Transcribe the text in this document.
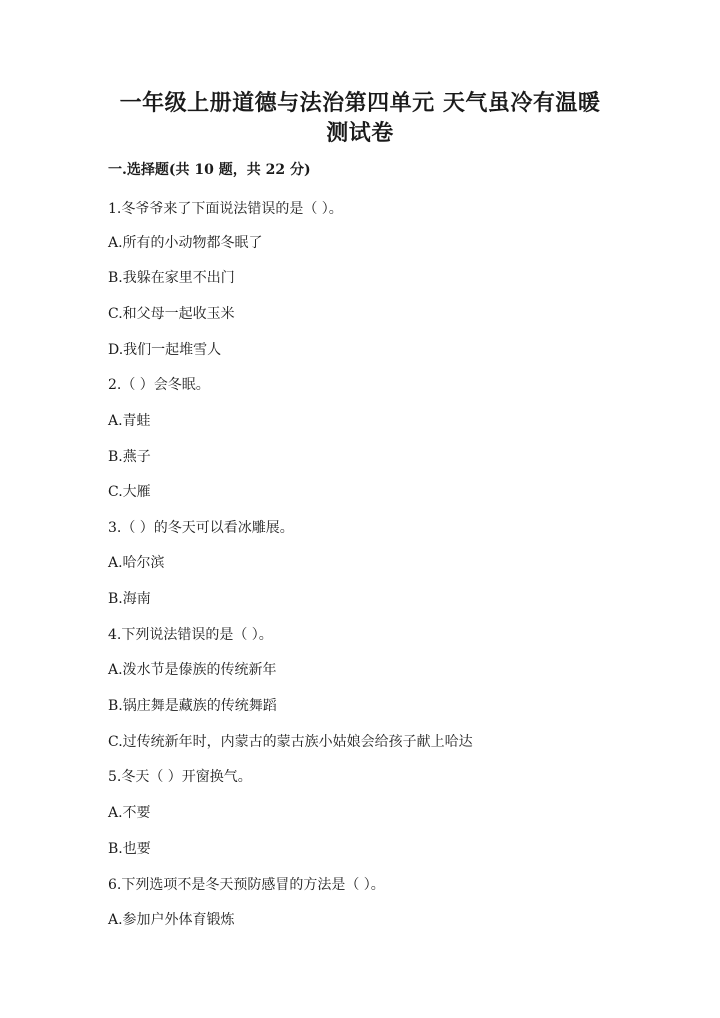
一年级上册道德与法治第四单元 天气虽冷有温暖
测试卷
一.选择题(共 10 题，共 22 分)
1.冬爷爷来了下面说法错误的是（ ）。
A.所有的小动物都冬眠了
B.我躲在家里不出门
C.和父母一起收玉米
D.我们一起堆雪人
2.（ ）会冬眠。
A.青蛙
B.燕子
C.大雁
3.（ ）的冬天可以看冰雕展。
A.哈尔滨
B.海南
4.下列说法错误的是（ ）。
A.泼水节是傣族的传统新年
B.锅庄舞是藏族的传统舞蹈
C.过传统新年时，内蒙古的蒙古族小姑娘会给孩子献上哈达
5.冬天（ ）开窗换气。
A.不要
B.也要
6.下列选项不是冬天预防感冒的方法是（ ）。
A.参加户外体育锻炼
